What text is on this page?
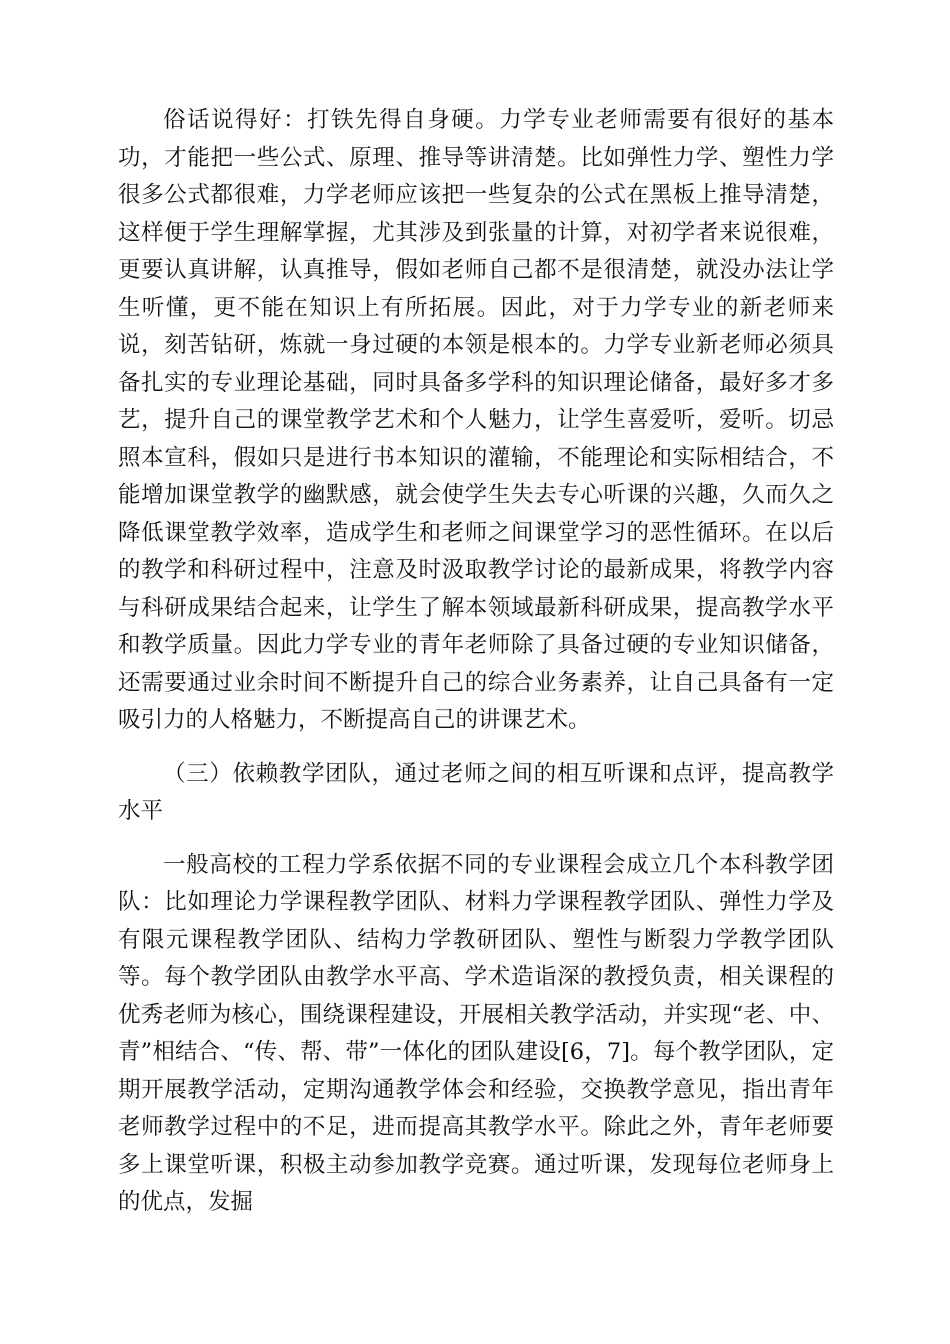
俗话说得好：打铁先得自身硬。力学专业老师需要有很好的基本功，才能把一些公式、原理、推导等讲清楚。比如弹性力学、塑性力学很多公式都很难，力学老师应该把一些复杂的公式在黑板上推导清楚，这样便于学生理解掌握，尤其涉及到张量的计算，对初学者来说很难，更要认真讲解，认真推导，假如老师自己都不是很清楚，就没办法让学生听懂，更不能在知识上有所拓展。因此，对于力学专业的新老师来说，刻苦钻研，炼就一身过硬的本领是根本的。力学专业新老师必须具备扎实的专业理论基础，同时具备多学科的知识理论储备，最好多才多艺，提升自己的课堂教学艺术和个人魅力，让学生喜爱听，爱听。切忌照本宣科，假如只是进行书本知识的灌输，不能理论和实际相结合，不能增加课堂教学的幽默感，就会使学生失去专心听课的兴趣，久而久之降低课堂教学效率，造成学生和老师之间课堂学习的恶性循环。在以后的教学和科研过程中，注意及时汲取教学讨论的最新成果，将教学内容与科研成果结合起来，让学生了解本领域最新科研成果，提高教学水平和教学质量。因此力学专业的青年老师除了具备过硬的专业知识储备，还需要通过业余时间不断提升自己的综合业务素养，让自己具备有一定吸引力的人格魅力，不断提高自己的讲课艺术。

（三）依赖教学团队，通过老师之间的相互听课和点评，提高教学水平

一般高校的工程力学系依据不同的专业课程会成立几个本科教学团队：比如理论力学课程教学团队、材料力学课程教学团队、弹性力学及有限元课程教学团队、结构力学教研团队、塑性与断裂力学教学团队等。每个教学团队由教学水平高、学术造诣深的教授负责，相关课程的优秀老师为核心，围绕课程建设，开展相关教学活动，并实现“老、中、青”相结合、“传、帮、带”一体化的团队建设[6，7]。每个教学团队，定期开展教学活动，定期沟通教学体会和经验，交换教学意见，指出青年老师教学过程中的不足，进而提高其教学水平。除此之外，青年老师要多上课堂听课，积极主动参加教学竞赛。通过听课，发现每位老师身上的优点，发掘
